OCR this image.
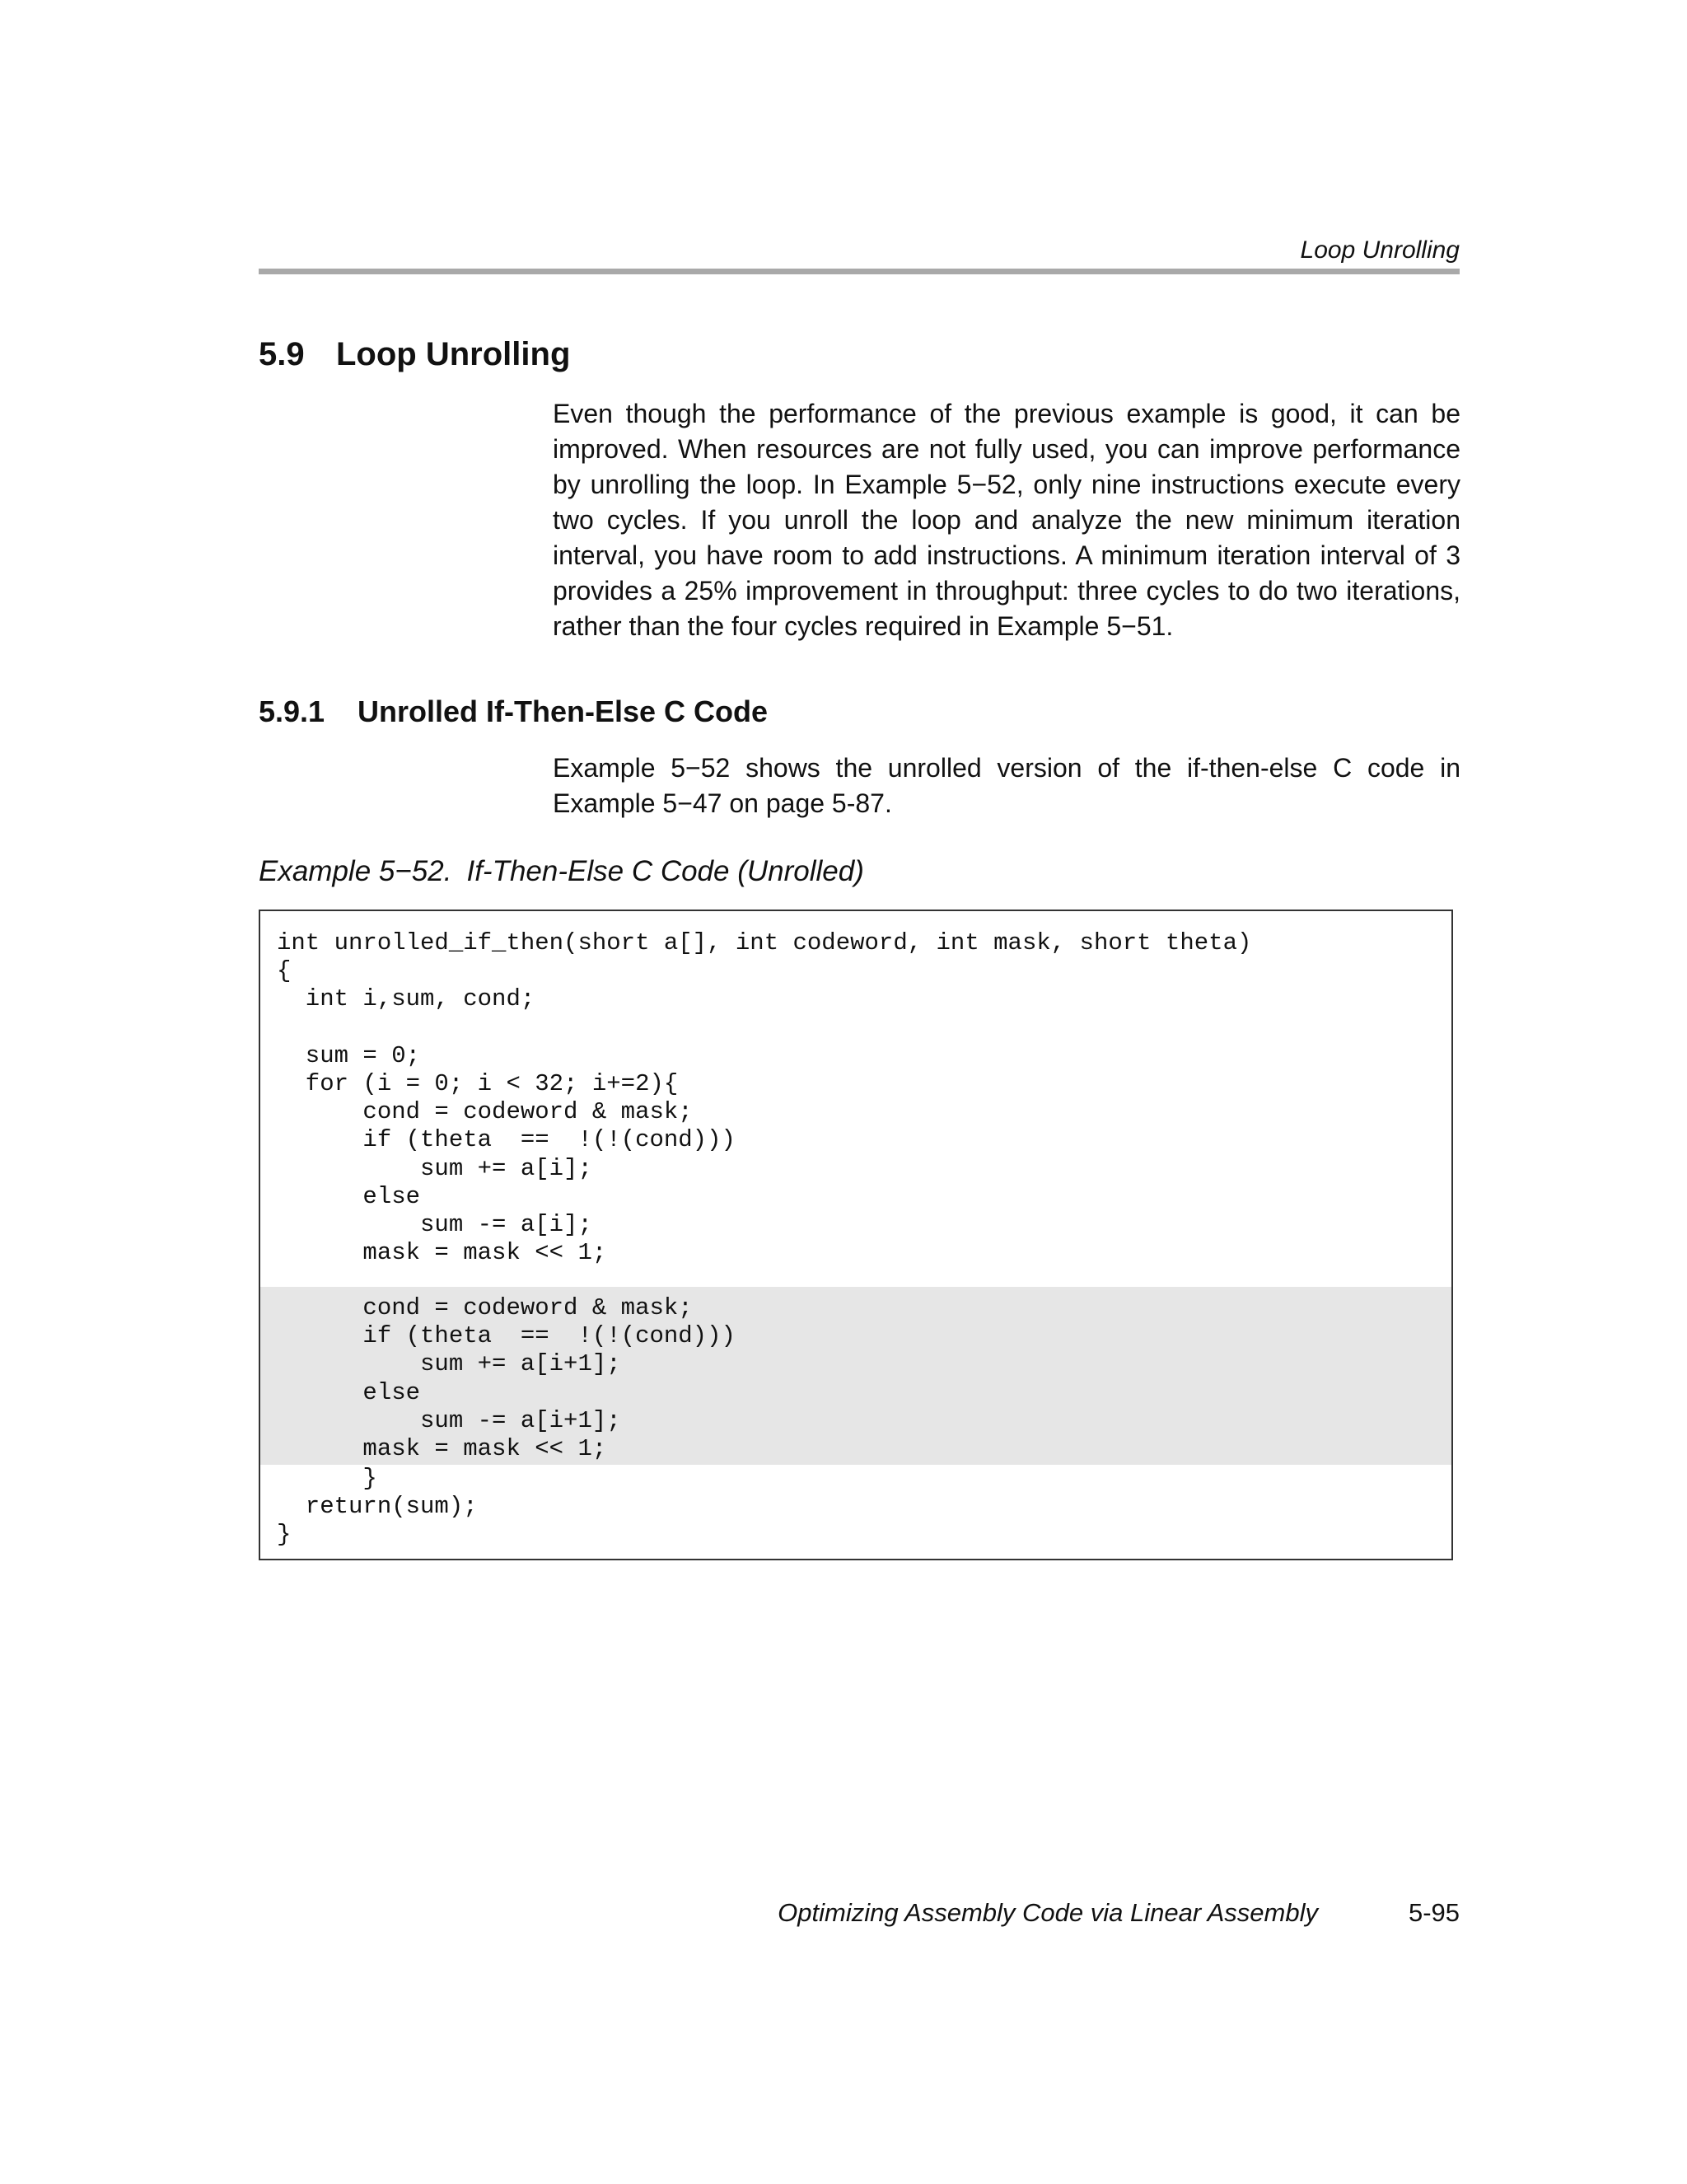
Loop Unrolling
5.9 Loop Unrolling
Even though the performance of the previous example is good, it can be improved. When resources are not fully used, you can improve performance by unrolling the loop. In Example 5−52, only nine instructions execute every two cycles. If you unroll the loop and analyze the new minimum iteration interval, you have room to add instructions. A minimum iteration interval of 3 provides a 25% improvement in throughput: three cycles to do two iterations, rather than the four cycles required in Example 5−51.
5.9.1 Unrolled If-Then-Else C Code
Example 5−52 shows the unrolled version of the if-then-else C code in Example 5−47 on page 5-87.
Example 5−52. If-Then-Else C Code (Unrolled)
int unrolled_if_then(short a[], int codeword, int mask, short theta)
{
int i,sum, cond;

sum = 0;
for (i = 0; i < 32; i+=2){
cond = codeword & mask;
if (theta  ==  !(!(cond)))
sum += a[i];
else
sum -= a[i];
mask = mask << 1;
cond = codeword & mask;
if (theta  ==  !(!(cond)))
sum += a[i+1];
else
sum -= a[i+1];
mask = mask << 1;
}
return(sum);
}
Optimizing Assembly Code via Linear Assembly	5-95
